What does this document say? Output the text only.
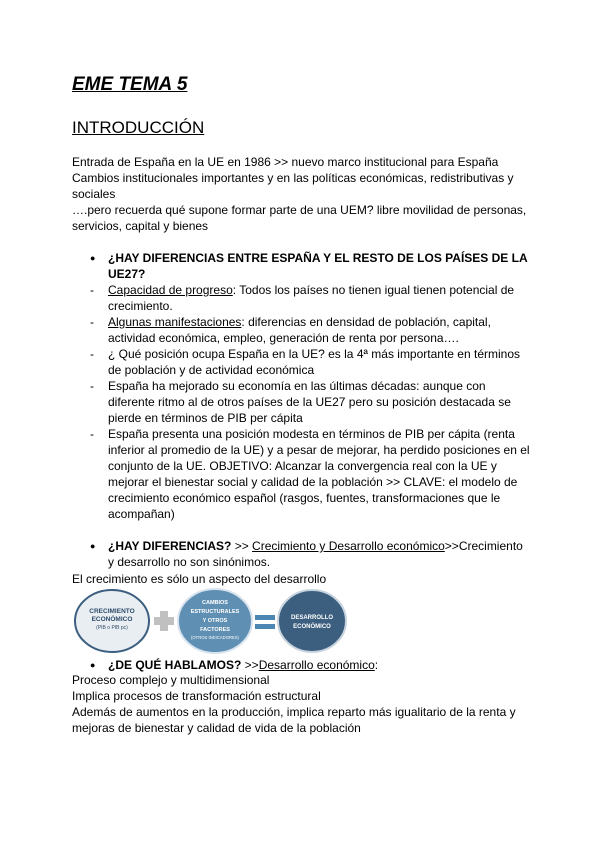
EME TEMA 5
INTRODUCCIÓN

Entrada de España en la UE en 1986 >> nuevo marco institucional para España

Cambios institucionales importantes y en las políticas económicas, redistributivas y sociales

….pero recuerda qué supone formar parte de una UEM? libre movilidad de personas, servicios, capital y bienes

● ¿HAY DIFERENCIAS ENTRE ESPAÑA Y EL RESTO DE LOS PAÍSES DE LA UE27?

- Capacidad de progreso: Todos los países no tienen igual tienen potencial de crecimiento.
- Algunas manifestaciones: diferencias en densidad de población, capital, actividad económica, empleo, generación de renta por persona….
- ¿ Qué posición ocupa España en la UE? es la 4ª más importante en términos de población y de actividad económica
- España ha mejorado su economía en las últimas décadas: aunque con diferente ritmo al de otros países de la UE27 pero su posición destacada se pierde en términos de PIB per cápita
- España presenta una posición modesta en términos de PIB per cápita (renta inferior al promedio de la UE) y a pesar de mejorar, ha perdido posiciones en el conjunto de la UE. OBJETIVO: Alcanzar la convergencia real con la UE y mejorar el bienestar social y calidad de la población >> CLAVE: el modelo de crecimiento económico español (rasgos, fuentes, transformaciones que le acompañan)

● ¿HAY DIFERENCIAS? >> Crecimiento y Desarrollo económico>>Crecimiento y desarrollo no son sinónimos.

El crecimiento es sólo un aspecto del desarrollo

CRECIMIENTO
ECONÓMICO
(PIB o PIB pc)
CAMBIOS
ESTRUCTURALES
Y OTROS
FACTORES
(OTROS INDICADORES)
DESARROLLO
ECONÓMICO

● ¿DE QUÉ HABLAMOS? >>Desarrollo económico:

Proceso complejo y multidimensional
Implica procesos de transformación estructural
Además de aumentos en la producción, implica reparto más igualitario de la renta y mejoras de bienestar y calidad de vida de la población
